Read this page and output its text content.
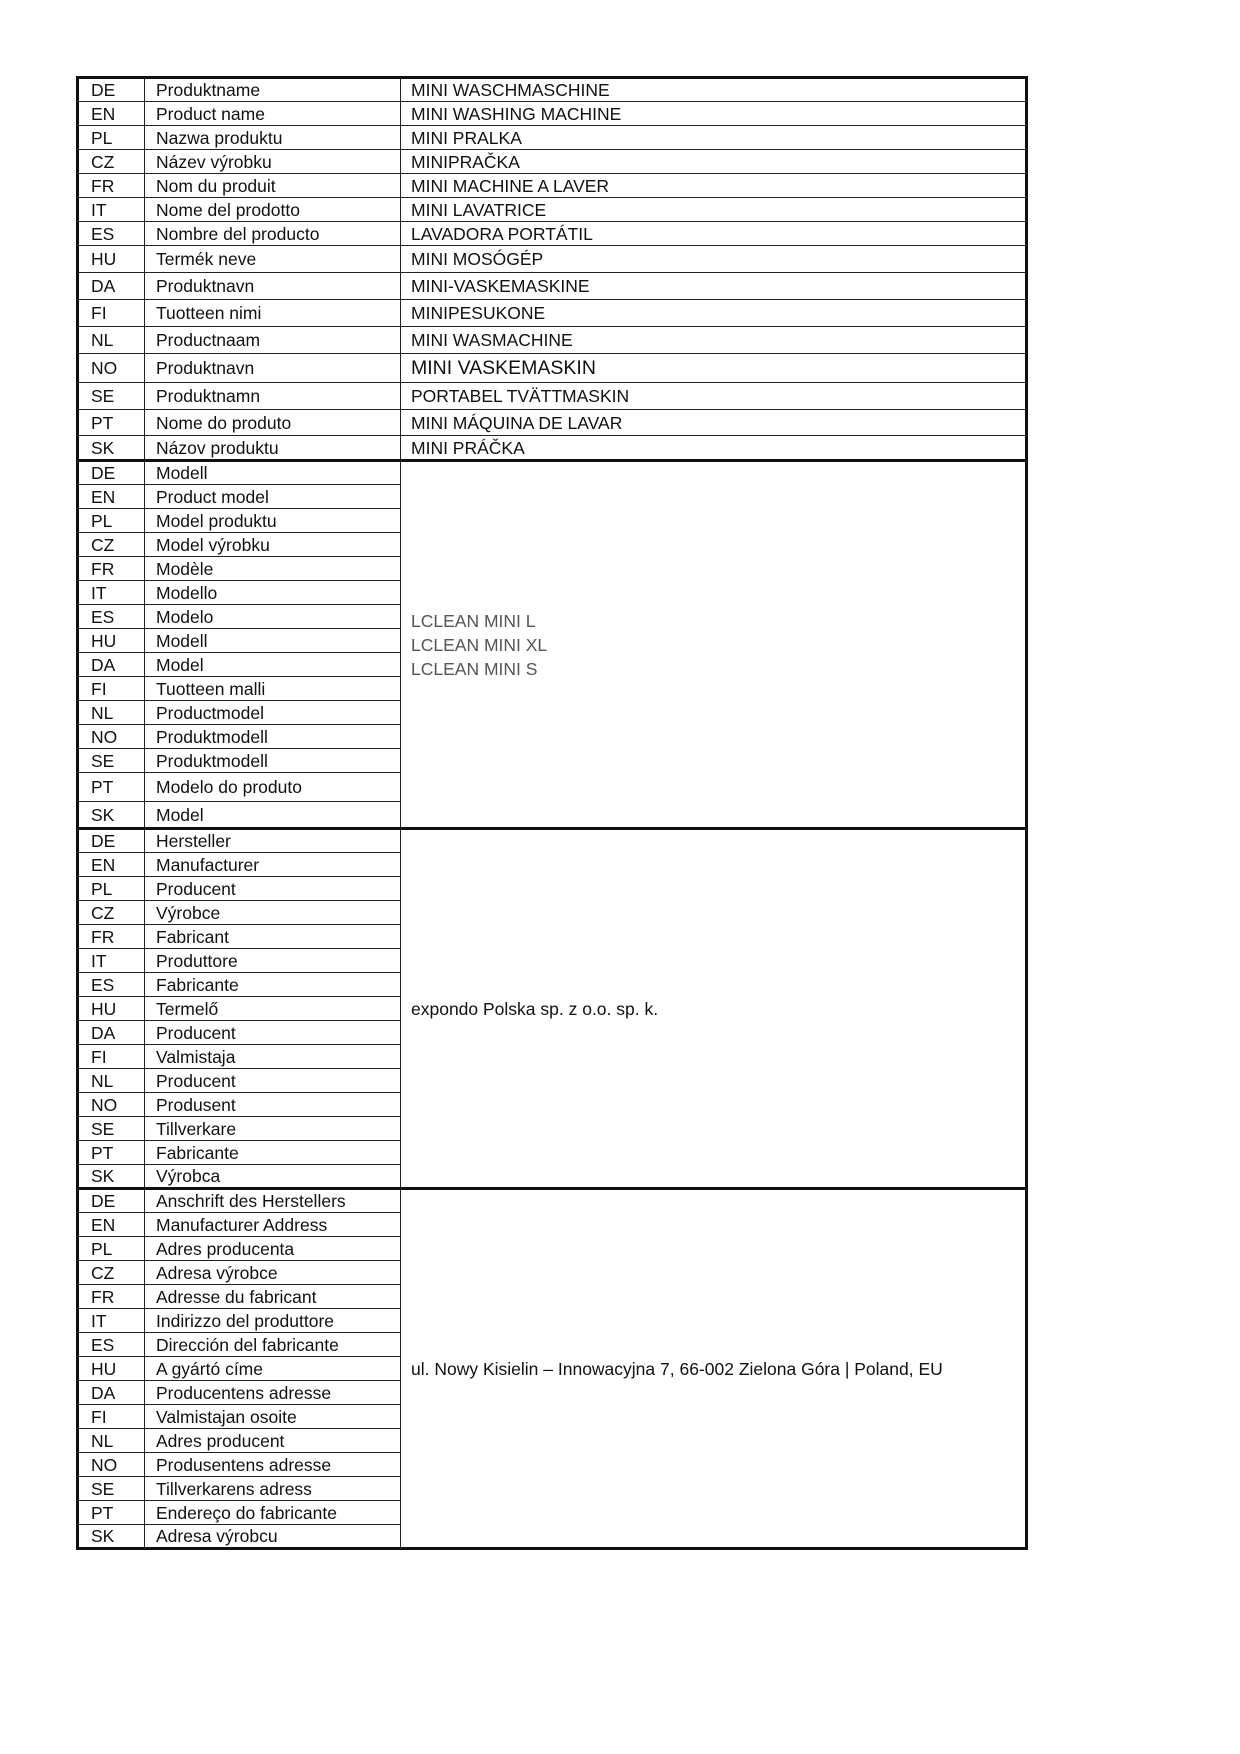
DE	Produktname	MINI WASCHMASCHINE
EN	Product name	MINI WASHING MACHINE
PL	Nazwa produktu	MINI PRALKA
CZ	Název výrobku	MINIPRAČKA
FR	Nom du produit	MINI MACHINE A LAVER
IT	Nome del prodotto	MINI LAVATRICE
ES	Nombre del producto	LAVADORA PORTÁTIL
HU	Termék neve	MINI MOSÓGÉP
DA	Produktnavn	MINI-VASKEMASKINE
FI	Tuotteen nimi	MINIPESUKONE
NL	Productnaam	MINI WASMACHINE
NO	Produktnavn	MINI VASKEMASKIN
SE	Produktnamn	PORTABEL TVÄTTMASKIN
PT	Nome do produto	MINI MÁQUINA DE LAVAR
SK	Názov produktu	MINI PRÁČKA
DE	Modell	LCLEAN MINI L
LCLEAN MINI XL
LCLEAN MINI S

EN	Product model	
PL	Model produktu	
CZ	Model výrobku	
FR	Modèle	
IT	Modello	
ES	Modelo	
HU	Modell	
DA	Model	
FI	Tuotteen malli	
NL	Productmodel	
NO	Produktmodell	
SE	Produktmodell	
PT	Modelo do produto	
SK	Model	
DE	Hersteller	expondo Polska sp. z o.o. sp. k.
EN	Manufacturer	
PL	Producent	
CZ	Výrobce	
FR	Fabricant	
IT	Produttore	
ES	Fabricante	
HU	Termelő	
DA	Producent	
FI	Valmistaja	
NL	Producent	
NO	Produsent	
SE	Tillverkare	
PT	Fabricante	
SK	Výrobca	
DE	Anschrift des Herstellers	ul. Nowy Kisielin – Innowacyjna 7, 66-002 Zielona Góra | Poland, EU
EN	Manufacturer Address	
PL	Adres producenta	
CZ	Adresa výrobce	
FR	Adresse du fabricant	
IT	Indirizzo del produttore	
ES	Dirección del fabricante	
HU	A gyártó címe	
DA	Producentens adresse	
FI	Valmistajan osoite	
NL	Adres producent	
NO	Produsentens adresse	
SE	Tillverkarens adress	
PT	Endereço do fabricante	
SK	Adresa výrobcu	
